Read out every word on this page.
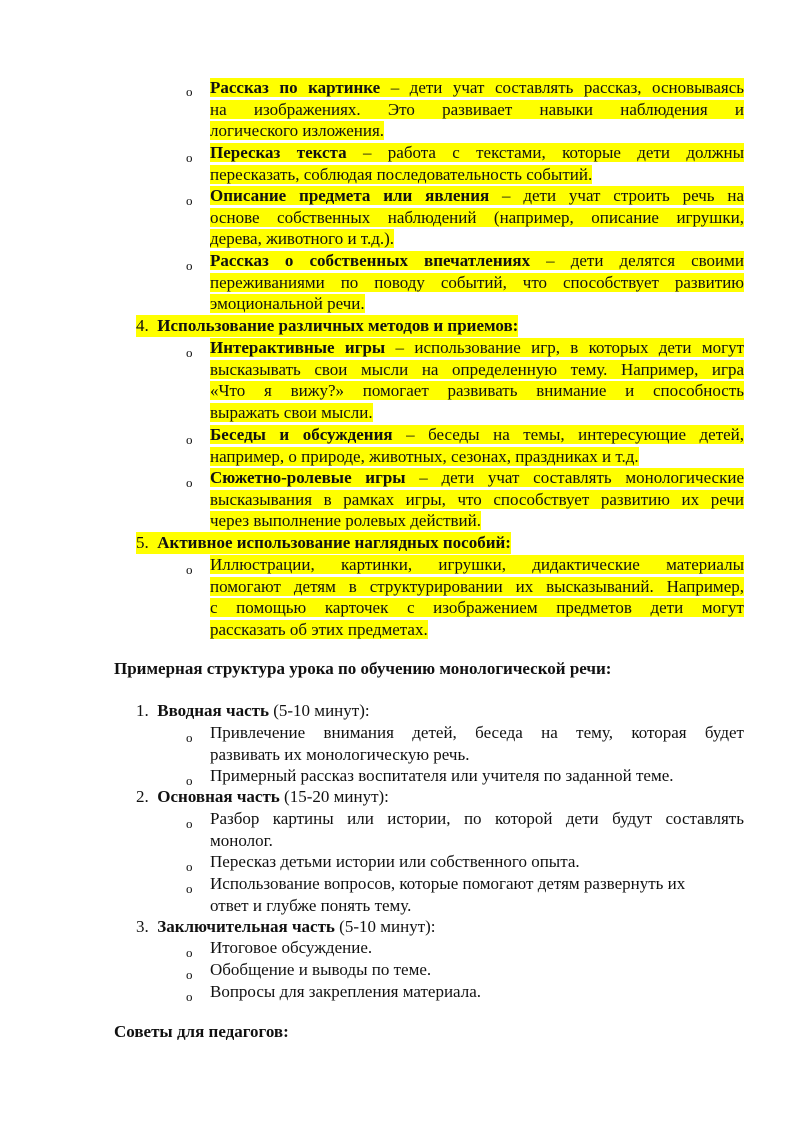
o Рассказ по картинке – дети учат составлять рассказ, основываясь
на изображениях. Это развивает навыки наблюдения и
логического изложения.
o Пересказ текста – работа с текстами, которые дети должны
пересказать, соблюдая последовательность событий.
o Описание предмета или явления – дети учат строить речь на
основе собственных наблюдений (например, описание игрушки,
дерева, животного и т.д.).
o Рассказ о собственных впечатлениях – дети делятся своими
переживаниями по поводу событий, что способствует развитию
эмоциональной речи.
4. Использование различных методов и приемов:
o Интерактивные игры – использование игр, в которых дети могут
высказывать свои мысли на определенную тему. Например, игра
«Что я вижу?» помогает развивать внимание и способность
выражать свои мысли.
o Беседы и обсуждения – беседы на темы, интересующие детей,
например, о природе, животных, сезонах, праздниках и т.д.
o Сюжетно-ролевые игры – дети учат составлять монологические
высказывания в рамках игры, что способствует развитию их речи
через выполнение ролевых действий.
5. Активное использование наглядных пособий:
o Иллюстрации, картинки, игрушки, дидактические материалы
помогают детям в структурировании их высказываний. Например,
с помощью карточек с изображением предметов дети могут
рассказать об этих предметах.
Примерная структура урока по обучению монологической речи:
1. Вводная часть (5-10 минут):
o Привлечение внимания детей, беседа на тему, которая будет
развивать их монологическую речь.
o Примерный рассказ воспитателя или учителя по заданной теме.
2. Основная часть (15-20 минут):
o Разбор картины или истории, по которой дети будут составлять
монолог.
o Пересказ детьми истории или собственного опыта.
o Использование вопросов, которые помогают детям развернуть их
ответ и глубже понять тему.
3. Заключительная часть (5-10 минут):
o Итоговое обсуждение.
o Обобщение и выводы по теме.
o Вопросы для закрепления материала.
Советы для педагогов:
